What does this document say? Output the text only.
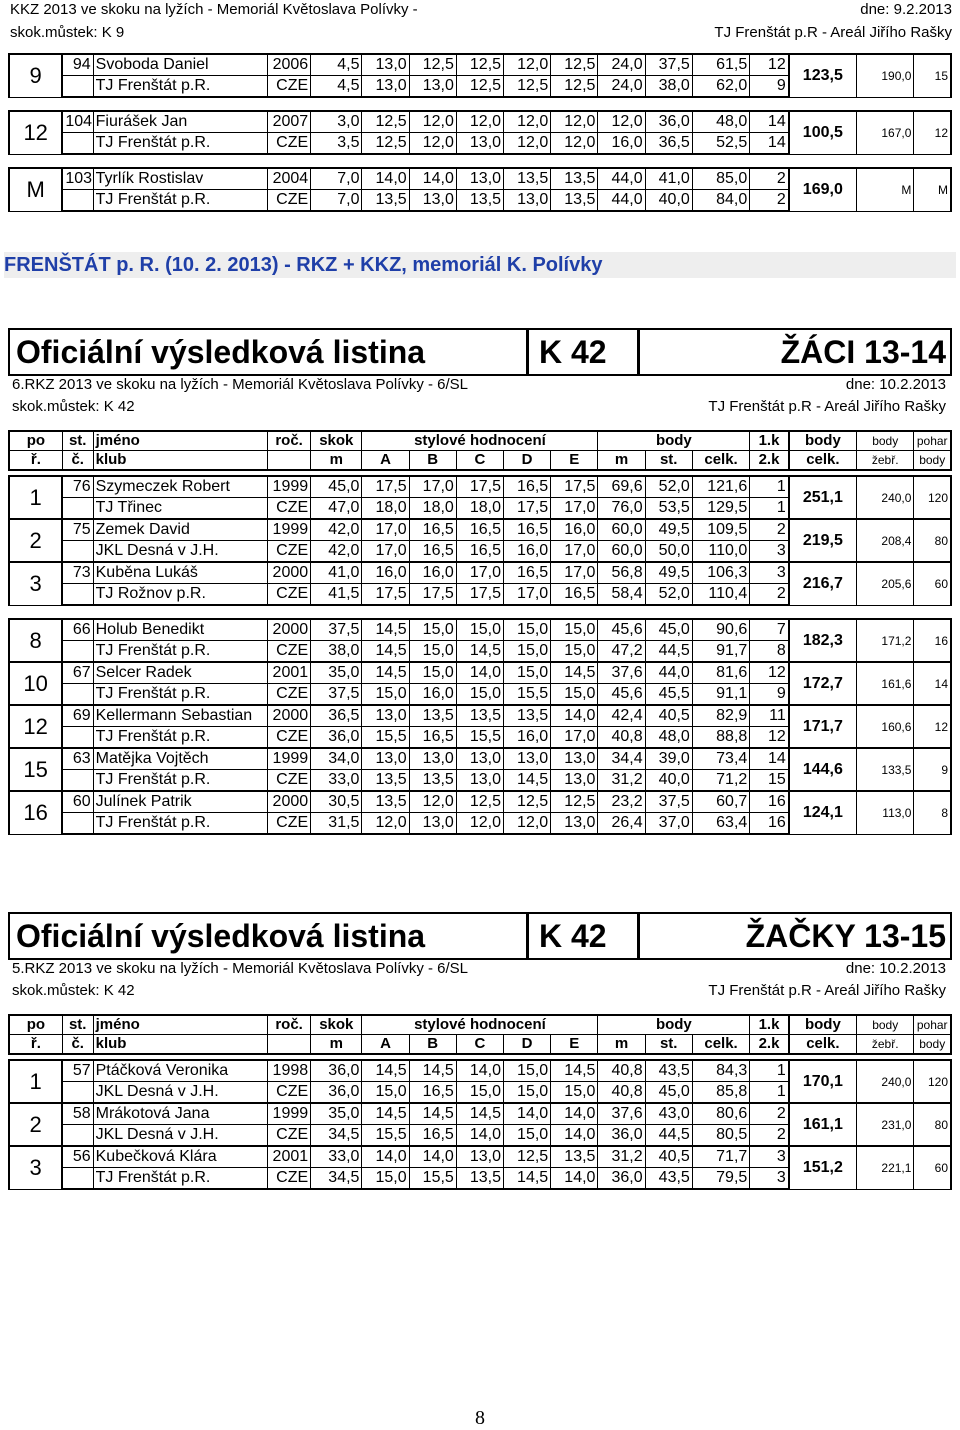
KKZ 2013 ve skoku na lyžích - Memoriál Květoslava Polívky -	dne: 9.2.2013
skok.můstek: K 9	TJ Frenštát p.R - Areál Jiřího Rašky
9	94	Svoboda Daniel	2006	4,5	13,0	12,5	12,5	12,0	12,5	24,0	37,5	61,5	12	123,5	190,0	15
		TJ Frenštát p.R.	CZE	4,5	13,0	13,0	12,5	12,5	12,5	24,0	38,0	62,0	9			

12	104	Fiurášek Jan	2007	3,0	12,5	12,0	12,0	12,0	12,0	12,0	36,0	48,0	14	100,5	167,0	12
		TJ Frenštát p.R.	CZE	3,5	12,5	12,0	13,0	12,0	12,0	16,0	36,5	52,5	14			

M	103	Tyrlík Rostislav	2004	7,0	14,0	14,0	13,0	13,5	13,5	44,0	41,0	85,0	2	169,0	M	M
		TJ Frenštát p.R.	CZE	7,0	13,5	13,0	13,5	13,0	13,5	44,0	40,0	84,0	2			
FRENŠTÁT p. R. (10. 2. 2013) - RKZ + KKZ, memoriál K. Polívky
Oficiální výsledková listina	K 42	ŽÁCI 13-14
6.RKZ 2013 ve skoku na lyžích - Memoriál Květoslava Polívky - 6/SL	dne: 10.2.2013
skok.můstek: K 42	TJ Frenštát p.R - Areál Jiřího Rašky
po	st.	jméno	roč.	skok	stylové hodnocení					body			1.k	body	body	pohar
ř.	č.	klub		m	A	B	C	D	E	m	st.	celk.	2.k	celk.	žebř.	body

1	76	Szymeczek Robert	1999	45,0	17,5	17,0	17,5	16,5	17,5	69,6	52,0	121,6	1	251,1	240,0	120
		TJ Třinec	CZE	47,0	18,0	18,0	18,0	17,5	17,0	76,0	53,5	129,5	1			
2	75	Zemek David	1999	42,0	17,0	16,5	16,5	16,5	16,0	60,0	49,5	109,5	2	219,5	208,4	80
		JKL Desná v J.H.	CZE	42,0	17,0	16,5	16,5	16,0	17,0	60,0	50,0	110,0	3			
3	73	Kuběna Lukáš	2000	41,0	16,0	16,0	17,0	16,5	17,0	56,8	49,5	106,3	3	216,7	205,6	60
		TJ Rožnov p.R.	CZE	41,5	17,5	17,5	17,5	17,0	16,5	58,4	52,0	110,4	2			

8	66	Holub Benedikt	2000	37,5	14,5	15,0	15,0	15,0	15,0	45,6	45,0	90,6	7	182,3	171,2	16
		TJ Frenštát p.R.	CZE	38,0	14,5	15,0	14,5	15,0	15,0	47,2	44,5	91,7	8			
10	67	Selcer Radek	2001	35,0	14,5	15,0	14,0	15,0	14,5	37,6	44,0	81,6	12	172,7	161,6	14
		TJ Frenštát p.R.	CZE	37,5	15,0	16,0	15,0	15,5	15,0	45,6	45,5	91,1	9			
12	69	Kellermann Sebastian	2000	36,5	13,0	13,5	13,5	13,5	14,0	42,4	40,5	82,9	11	171,7	160,6	12
		TJ Frenštát p.R.	CZE	36,0	15,5	16,5	15,5	16,0	17,0	40,8	48,0	88,8	12			
15	63	Matějka Vojtěch	1999	34,0	13,0	13,0	13,0	13,0	13,0	34,4	39,0	73,4	14	144,6	133,5	9
		TJ Frenštát p.R.	CZE	33,0	13,5	13,5	13,0	14,5	13,0	31,2	40,0	71,2	15			
16	60	Julínek Patrik	2000	30,5	13,5	12,0	12,5	12,5	12,5	23,2	37,5	60,7	16	124,1	113,0	8
		TJ Frenštát p.R.	CZE	31,5	12,0	13,0	12,0	12,0	13,0	26,4	37,0	63,4	16			
Oficiální výsledková listina	K 42	ŽAČKY 13-15
5.RKZ 2013 ve skoku na lyžích - Memoriál Květoslava Polívky - 6/SL	dne: 10.2.2013
skok.můstek: K 42	TJ Frenštát p.R - Areál Jiřího Rašky
po	st.	jméno	roč.	skok	stylové hodnocení					body			1.k	body	body	pohar
ř.	č.	klub		m	A	B	C	D	E	m	st.	celk.	2.k	celk.	žebř.	body

1	57	Ptáčková Veronika	1998	36,0	14,5	14,5	14,0	15,0	14,5	40,8	43,5	84,3	1	170,1	240,0	120
		JKL Desná v J.H.	CZE	36,0	15,0	16,5	15,0	15,0	15,0	40,8	45,0	85,8	1			
2	58	Mrákotová Jana	1999	35,0	14,5	14,5	14,5	14,0	14,0	37,6	43,0	80,6	2	161,1	231,0	80
		JKL Desná v J.H.	CZE	34,5	15,5	16,5	14,0	15,0	14,0	36,0	44,5	80,5	2			
3	56	Kubečková Klára	2001	33,0	14,0	14,0	13,0	12,5	13,5	31,2	40,5	71,7	3	151,2	221,1	60
		TJ Frenštát p.R.	CZE	34,5	15,0	15,5	13,5	14,5	14,0	36,0	43,5	79,5	3			
8
